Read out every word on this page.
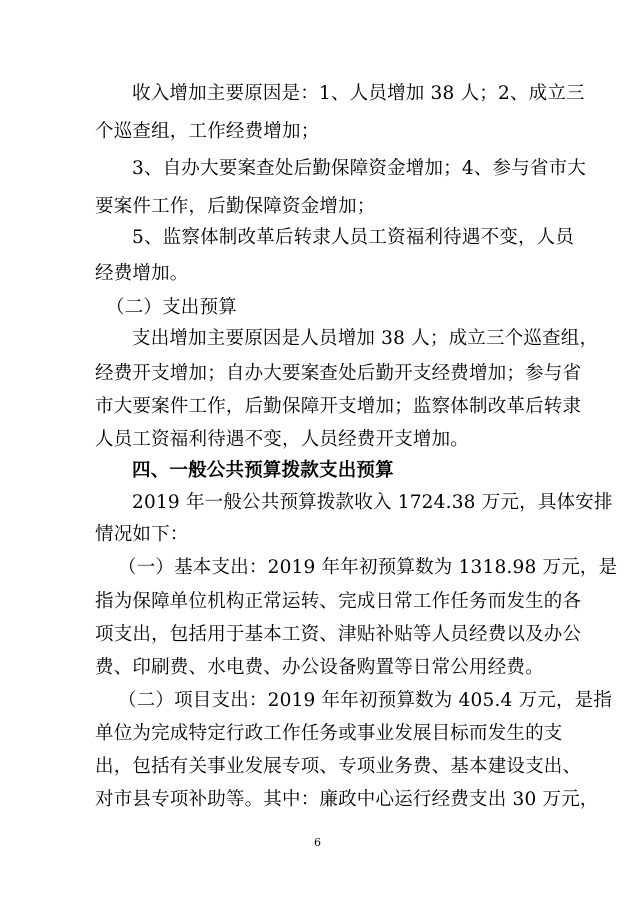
收入增加主要原因是：1、人员增加 38 人；2、成立三
个巡查组，工作经费增加；
3、自办大要案查处后勤保障资金增加；4、参与省市大
要案件工作，后勤保障资金增加；
5、监察体制改革后转隶人员工资福利待遇不变，人员
经费增加。
（二）支出预算
支出增加主要原因是人员增加 38 人；成立三个巡查组，
经费开支增加；自办大要案查处后勤开支经费增加；参与省
市大要案件工作，后勤保障开支增加；监察体制改革后转隶
人员工资福利待遇不变，人员经费开支增加。
四、一般公共预算拨款支出预算
2019 年一般公共预算拨款收入 1724.38 万元，具体安排
情况如下：
（一）基本支出：2019 年年初预算数为 1318.98 万元，是
指为保障单位机构正常运转、完成日常工作任务而发生的各
项支出，包括用于基本工资、津贴补贴等人员经费以及办公
费、印刷费、水电费、办公设备购置等日常公用经费。
（二）项目支出：2019 年年初预算数为 405.4 万元，是指
单位为完成特定行政工作任务或事业发展目标而发生的支
出，包括有关事业发展专项、专项业务费、基本建设支出、
对市县专项补助等。其中：廉政中心运行经费支出 30 万元，
6
